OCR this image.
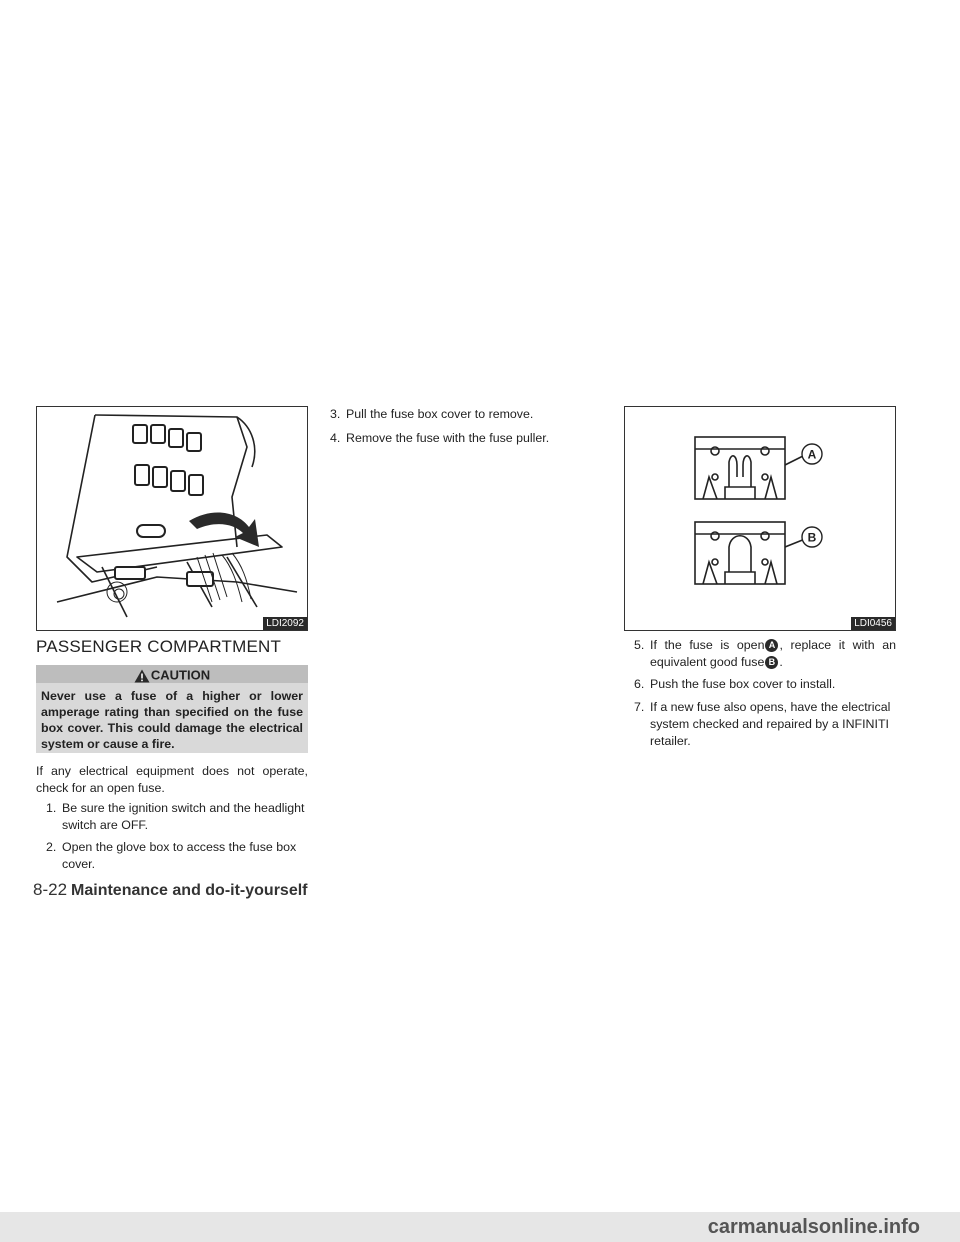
LDI2092
PASSENGER COMPARTMENT
CAUTION
Never use a fuse of a higher or lower amperage rating than specified on the fuse box cover. This could damage the electrical system or cause a fire.
If any electrical equipment does not operate, check for an open fuse.
1. Be sure the ignition switch and the headlight switch are OFF.
2. Open the glove box to access the fuse box cover.
3. Pull the fuse box cover to remove.
4. Remove the fuse with the fuse puller.
A
B
LDI0456
5. If the fuse is open A , replace it with an equivalent good fuse B .
6. Push the fuse box cover to install.
7. If a new fuse also opens, have the electrical system checked and repaired by a INFINITI retailer.
8-22 Maintenance and do-it-yourself
carmanualsonline.info
